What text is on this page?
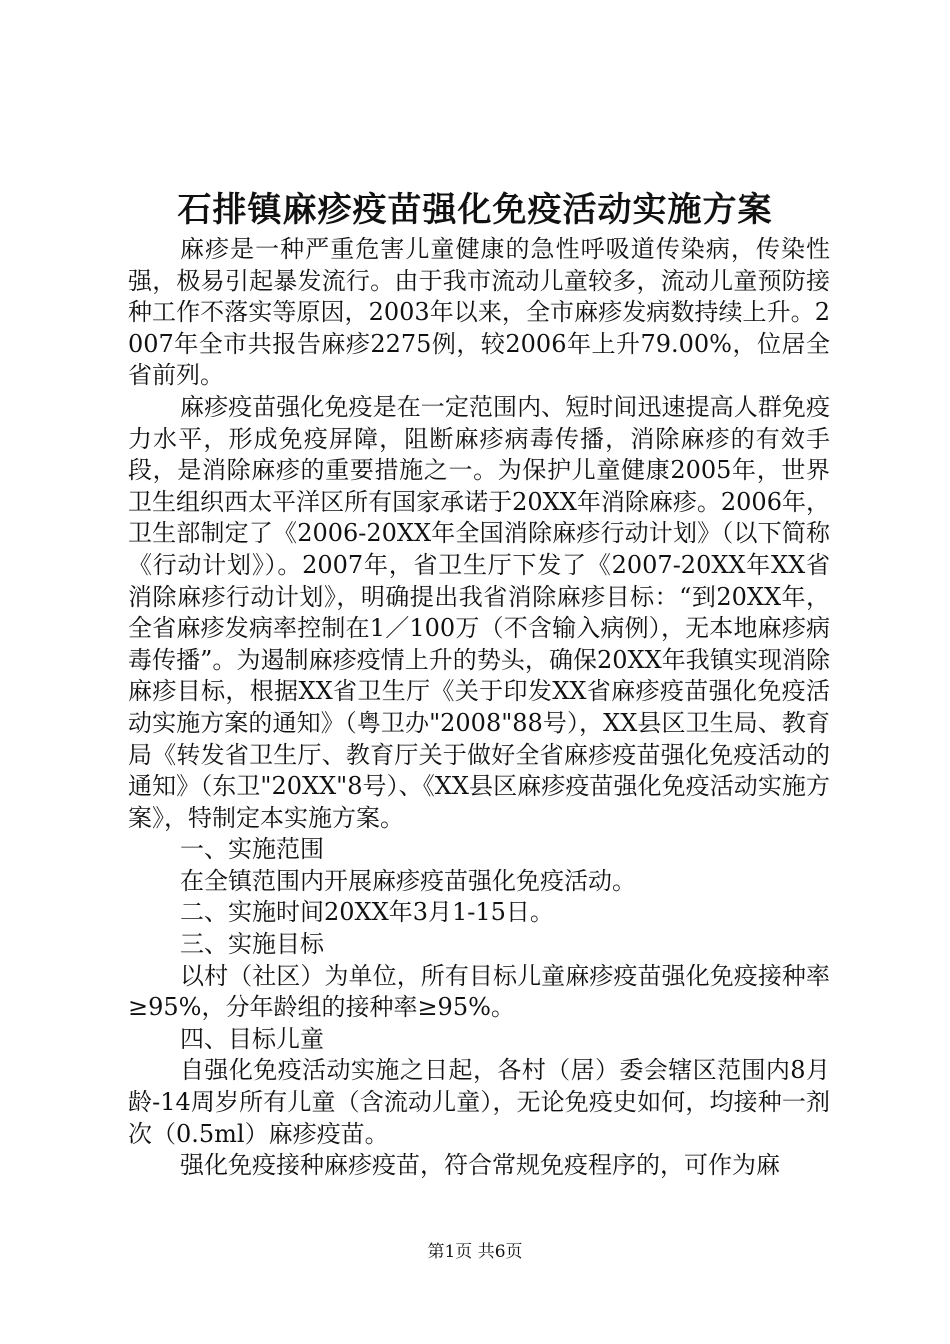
石排镇麻疹疫苗强化免疫活动实施方案

麻疹是一种严重危害儿童健康的急性呼吸道传染病，传染性强，极易引起暴发流行。由于我市流动儿童较多，流动儿童预防接种工作不落实等原因，2003年以来，全市麻疹发病数持续上升。2007年全市共报告麻疹2275例，较2006年上升79.00%，位居全省前列。

麻疹疫苗强化免疫是在一定范围内、短时间迅速提高人群免疫力水平，形成免疫屏障，阻断麻疹病毒传播，消除麻疹的有效手段，是消除麻疹的重要措施之一。为保护儿童健康2005年，世界卫生组织西太平洋区所有国家承诺于20XX年消除麻疹。2006年，卫生部制定了《2006-20XX年全国消除麻疹行动计划》（以下简称《行动计划》）。2007年，省卫生厅下发了《2007-20XX年XX省消除麻疹行动计划》，明确提出我省消除麻疹目标：“到20XX年，全省麻疹发病率控制在1／100万（不含输入病例），无本地麻疹病毒传播”。为遏制麻疹疫情上升的势头，确保20XX年我镇实现消除麻疹目标，根据XX省卫生厅《关于印发XX省麻疹疫苗强化免疫活动实施方案的通知》（粤卫办"2008"88号），XX县区卫生局、教育局《转发省卫生厅、教育厅关于做好全省麻疹疫苗强化免疫活动的通知》（东卫"20XX"8号）、《XX县区麻疹疫苗强化免疫活动实施方案》，特制定本实施方案。

一、实施范围

在全镇范围内开展麻疹疫苗强化免疫活动。

二、实施时间20XX年3月1-15日。

三、实施目标

以村（社区）为单位，所有目标儿童麻疹疫苗强化免疫接种率≥95%，分年龄组的接种率≥95%。

四、目标儿童

自强化免疫活动实施之日起，各村（居）委会辖区范围内8月龄-14周岁所有儿童（含流动儿童），无论免疫史如何，均接种一剂次（0.5ml）麻疹疫苗。

强化免疫接种麻疹疫苗，符合常规免疫程序的，可作为麻

第1页 共6页
